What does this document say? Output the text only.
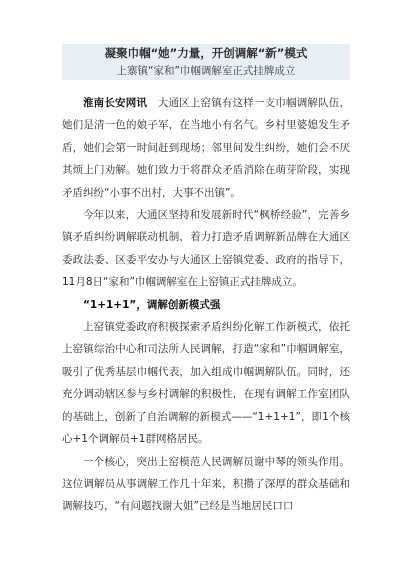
凝聚巾帼“她”力量，开创调解“新”模式
上寨镇“家和”巾帼调解室正式挂牌成立

淮南长安网讯  大通区上窑镇有这样一支巾帼调解队伍，她们是清一色的娘子军，在当地小有名气。乡村里婆媳发生矛盾，她们会第一时间赶到现场；邻里间发生纠纷，她们会不厌其烦上门劝解。她们致力于将群众矛盾消除在萌芽阶段，实现矛盾纠纷“小事不出村，大事不出镇”。

今年以来，大通区坚持和发展新时代“枫桥经验”，完善乡镇矛盾纠纷调解联动机制，着力打造矛盾调解新品牌在大通区委政法委、区委平安办与大通区上窑镇党委、政府的指导下，11月8日“家和”巾帼调解室在上窑镇正式挂牌成立。

“1+1+1”，调解创新模式强

上窑镇党委政府积极探索矛盾纠纷化解工作新模式，依托上窑镇综治中心和司法所人民调解，打造“家和”巾帼调解室，吸引了优秀基层巾帼代表，加入组成巾帼调解队伍。同时，还充分调动辖区参与乡村调解的积极性，在现有调解工作室团队的基础上，创新了自治调解的新模式——“1+1+1”，即1个核心+1个调解员+1群网格居民。

一个核心，突出上窑模范人民调解员谢中琴的领头作用。这位调解员从事调解工作几十年来，积攒了深厚的群众基础和调解技巧，“有问题找谢大姐”已经是当地居民口口
